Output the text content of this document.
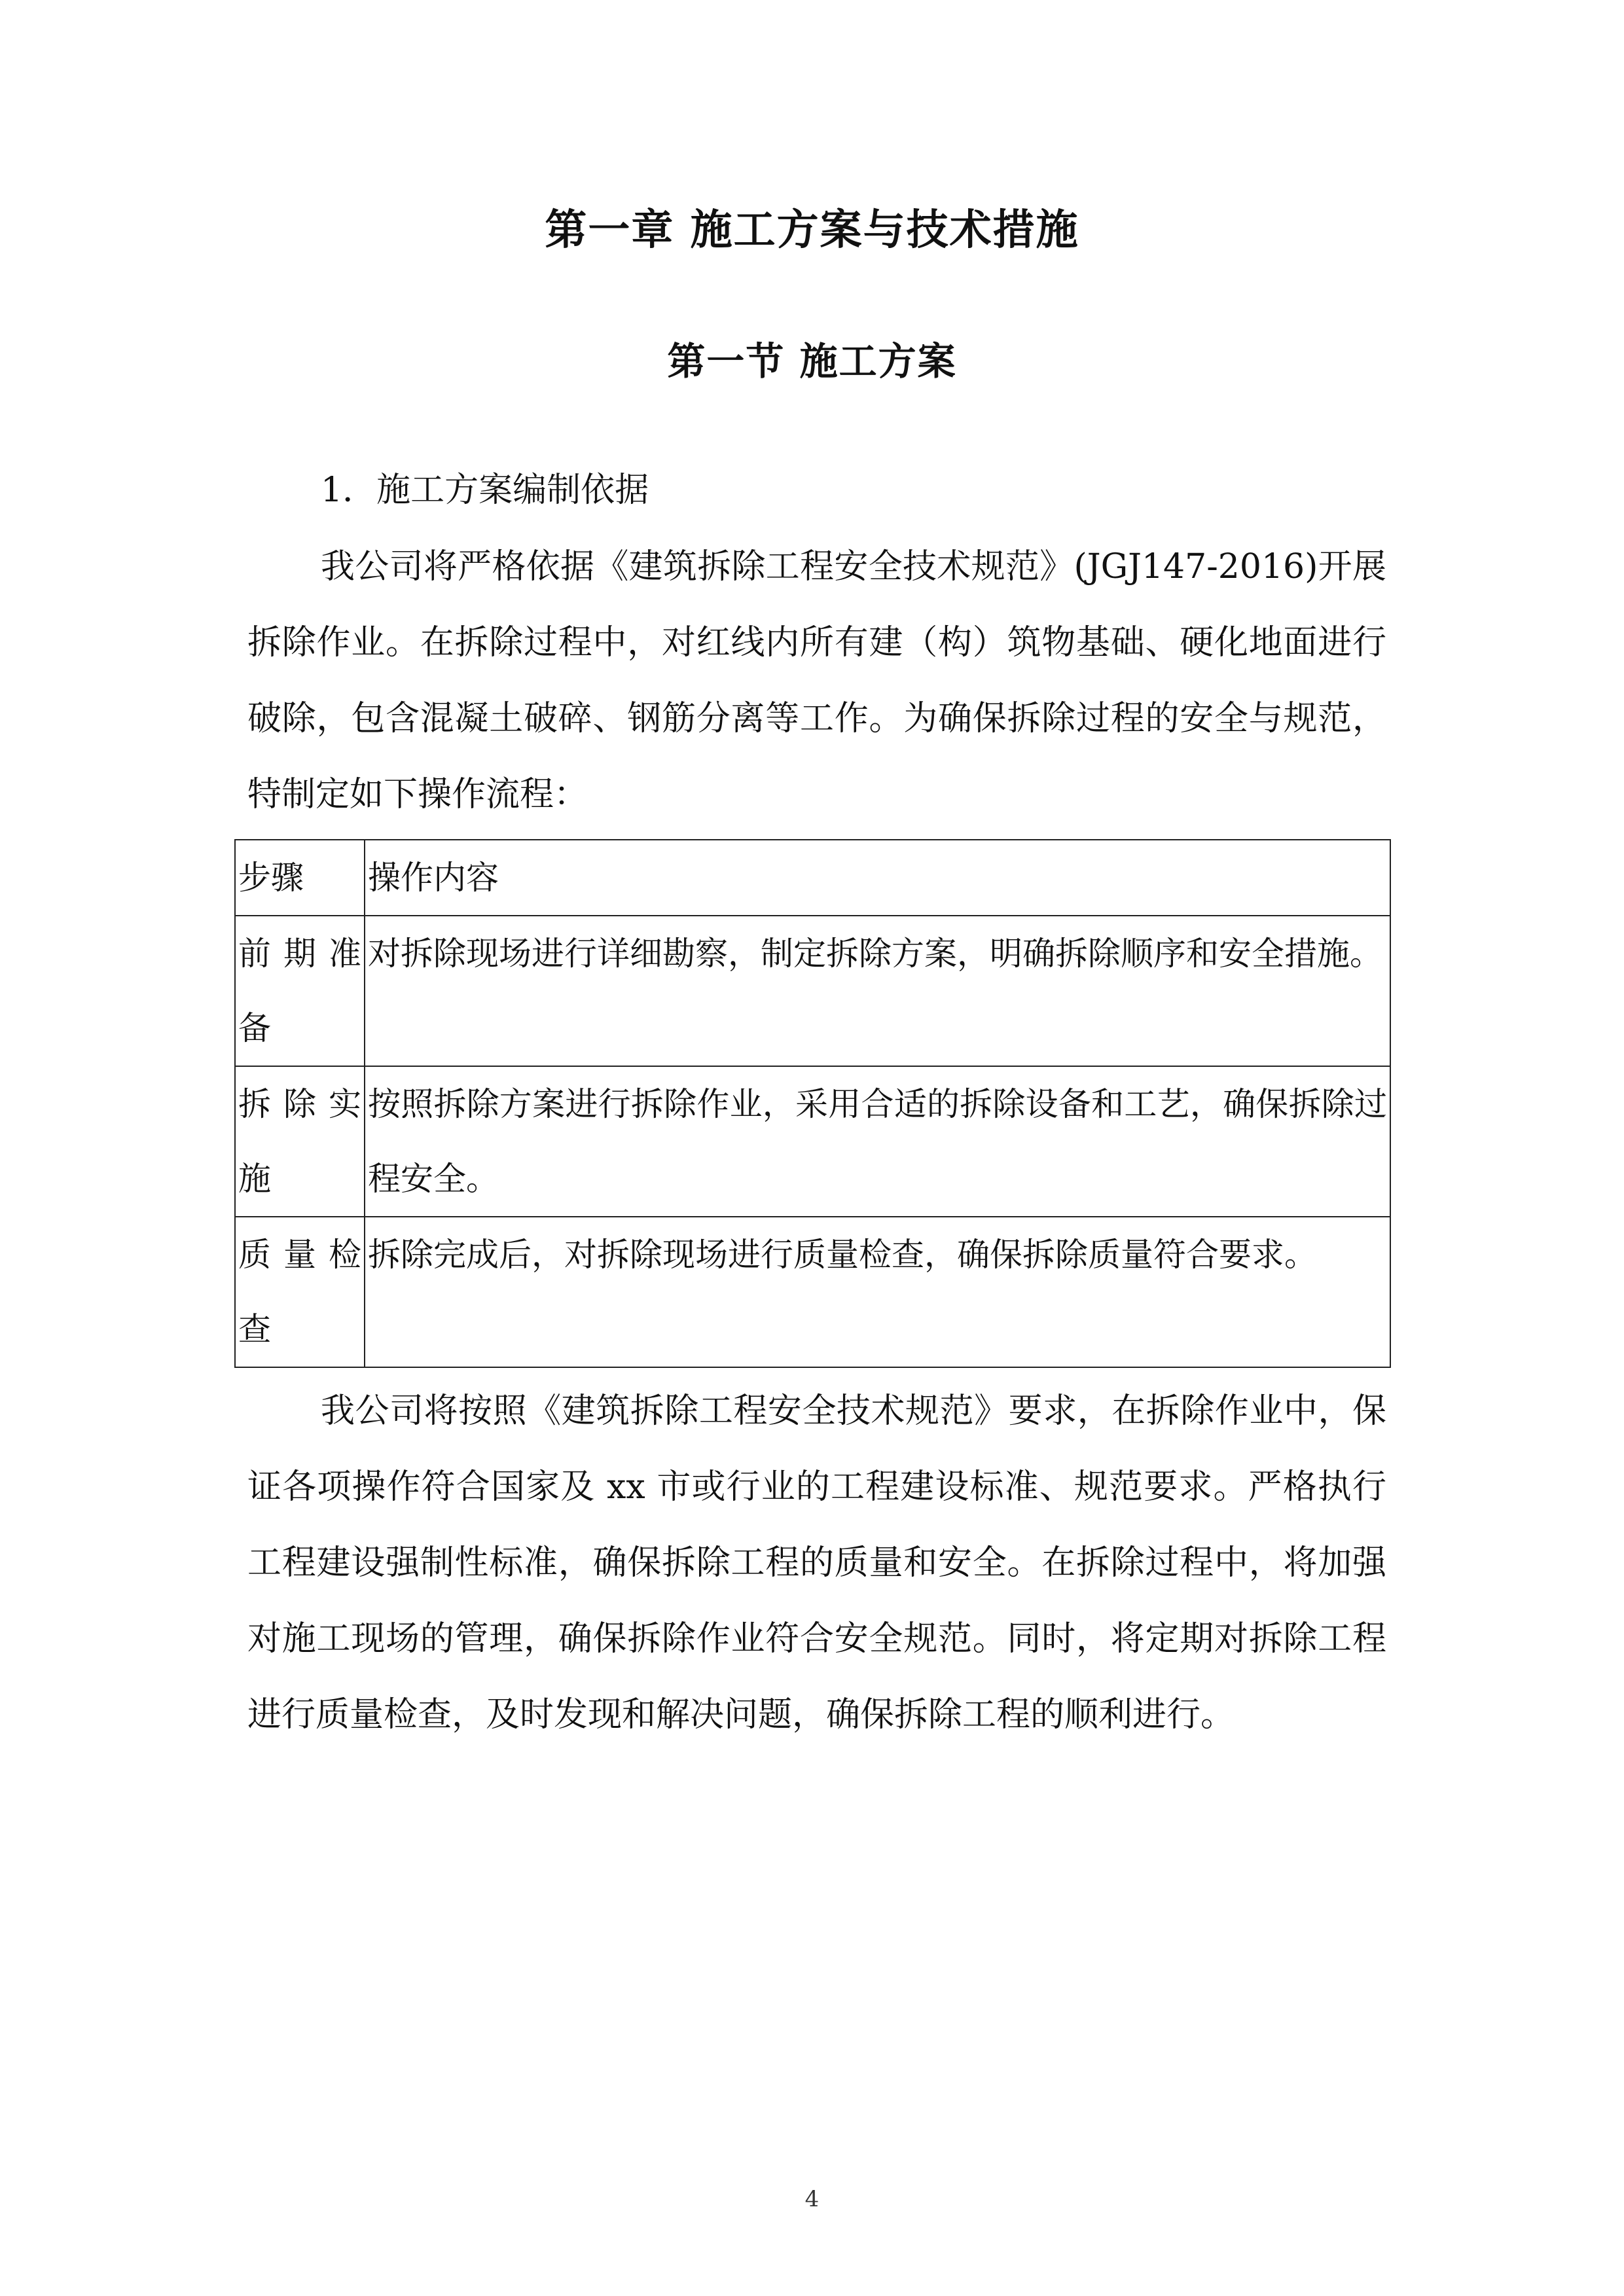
第一章 施工方案与技术措施
第一节 施工方案

1．施工方案编制依据

我公司将严格依据《建筑拆除工程安全技术规范》(JGJ147-2016)开展拆除作业。在拆除过程中，对红线内所有建（构）筑物基础、硬化地面进行破除，包含混凝土破碎、钢筋分离等工作。为确保拆除过程的安全与规范，特制定如下操作流程：

步骤	操作内容
前期准备	对拆除现场进行详细勘察，制定拆除方案，明确拆除顺序和安全措施。
拆除实施	按照拆除方案进行拆除作业，采用合适的拆除设备和工艺，确保拆除过程安全。
质量检查	拆除完成后，对拆除现场进行质量检查，确保拆除质量符合要求。

我公司将按照《建筑拆除工程安全技术规范》要求，在拆除作业中，保证各项操作符合国家及 xx 市或行业的工程建设标准、规范要求。严格执行工程建设强制性标准，确保拆除工程的质量和安全。在拆除过程中，将加强对施工现场的管理，确保拆除作业符合安全规范。同时，将定期对拆除工程进行质量检查，及时发现和解决问题，确保拆除工程的顺利进行。

4
